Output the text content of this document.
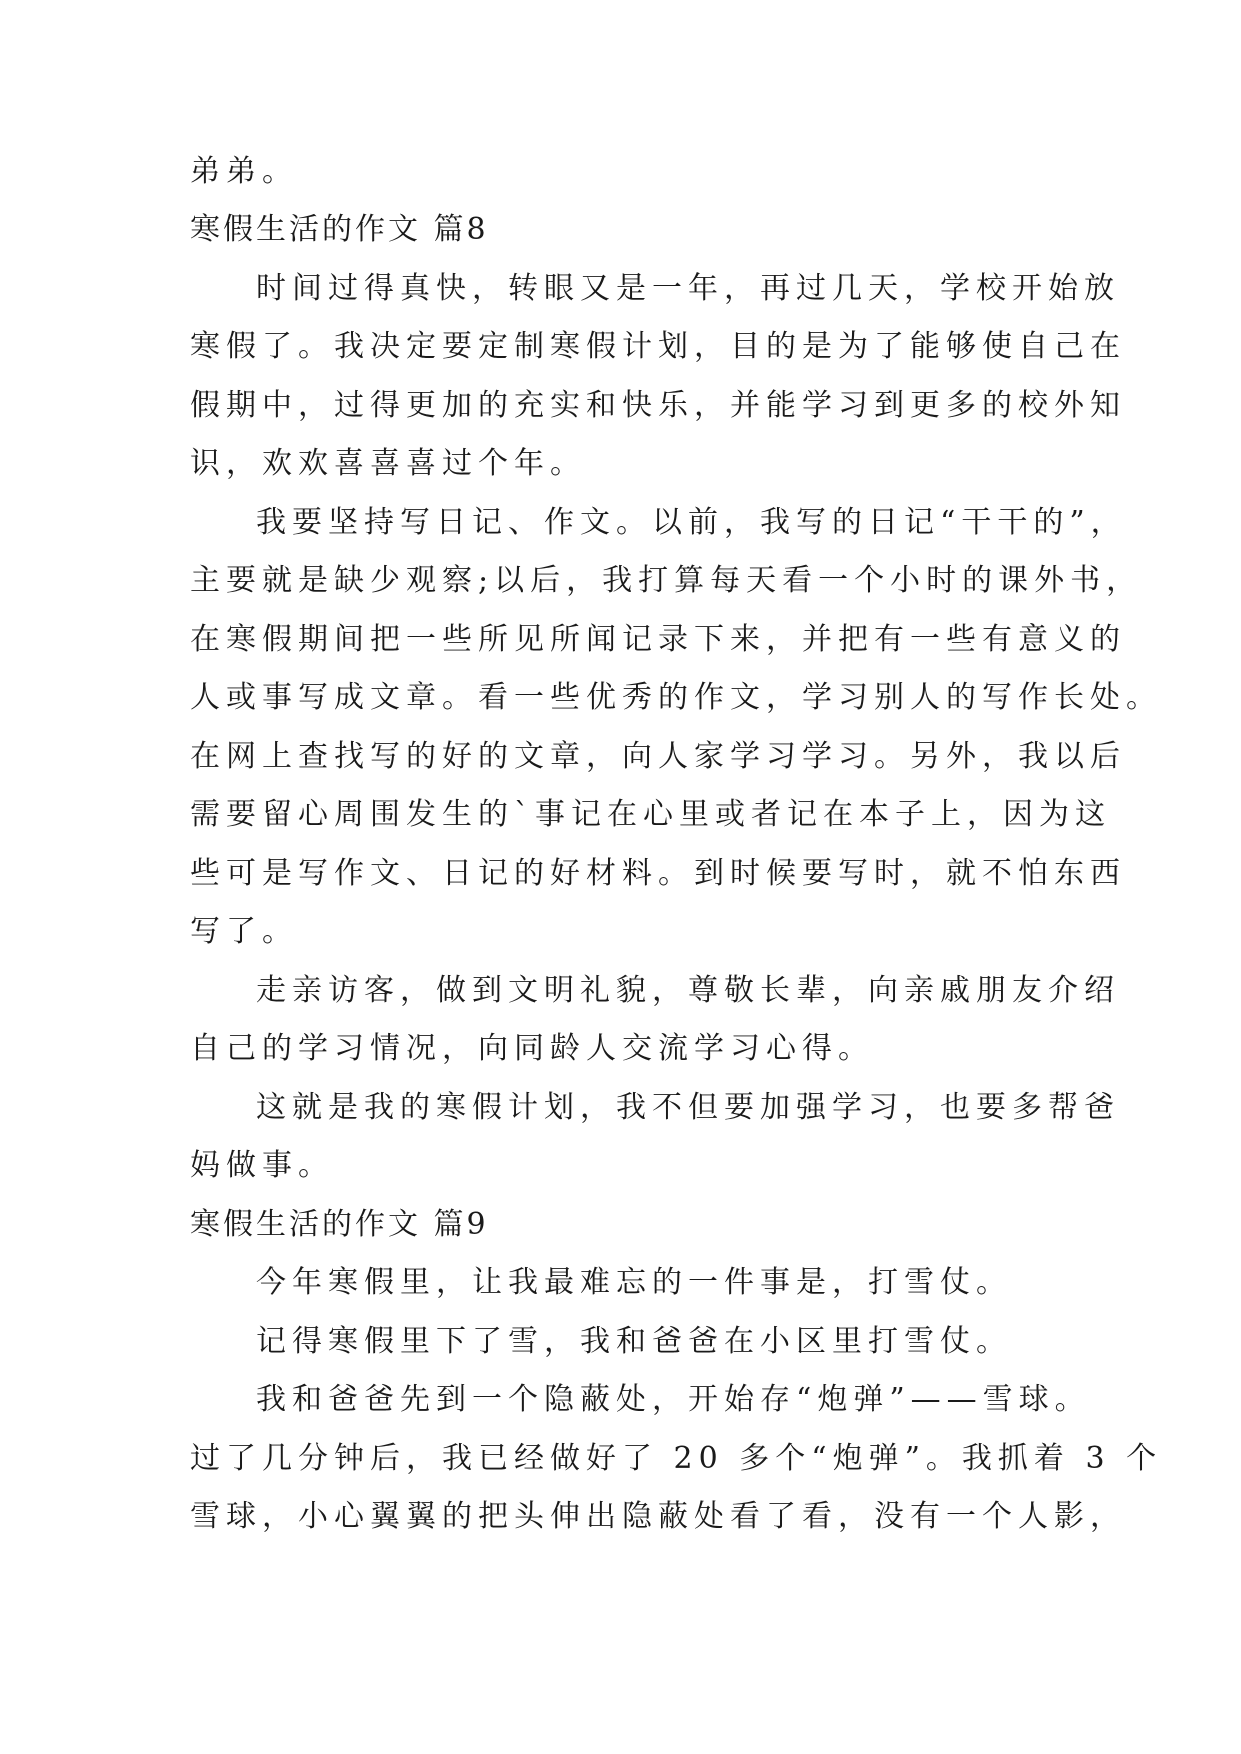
弟弟。
寒假生活的作文 篇8
时间过得真快，转眼又是一年，再过几天，学校开始放
寒假了。我决定要定制寒假计划，目的是为了能够使自己在
假期中，过得更加的充实和快乐，并能学习到更多的校外知
识，欢欢喜喜喜过个年。
我要坚持写日记、作文。以前，我写的日记“干干的”，
主要就是缺少观察;以后，我打算每天看一个小时的课外书，
在寒假期间把一些所见所闻记录下来，并把有一些有意义的
人或事写成文章。看一些优秀的作文，学习别人的写作长处。
在网上查找写的好的文章，向人家学习学习。另外，我以后
需要留心周围发生的`事记在心里或者记在本子上，因为这
些可是写作文、日记的好材料。到时候要写时，就不怕东西
写了。
走亲访客，做到文明礼貌，尊敬长辈，向亲戚朋友介绍
自己的学习情况，向同龄人交流学习心得。
这就是我的寒假计划，我不但要加强学习，也要多帮爸
妈做事。
寒假生活的作文 篇9
今年寒假里，让我最难忘的一件事是，打雪仗。
记得寒假里下了雪，我和爸爸在小区里打雪仗。
我和爸爸先到一个隐蔽处，开始存“炮弹”——雪球。
过了几分钟后，我已经做好了 20 多个“炮弹”。我抓着 3 个
雪球，小心翼翼的把头伸出隐蔽处看了看，没有一个人影，
